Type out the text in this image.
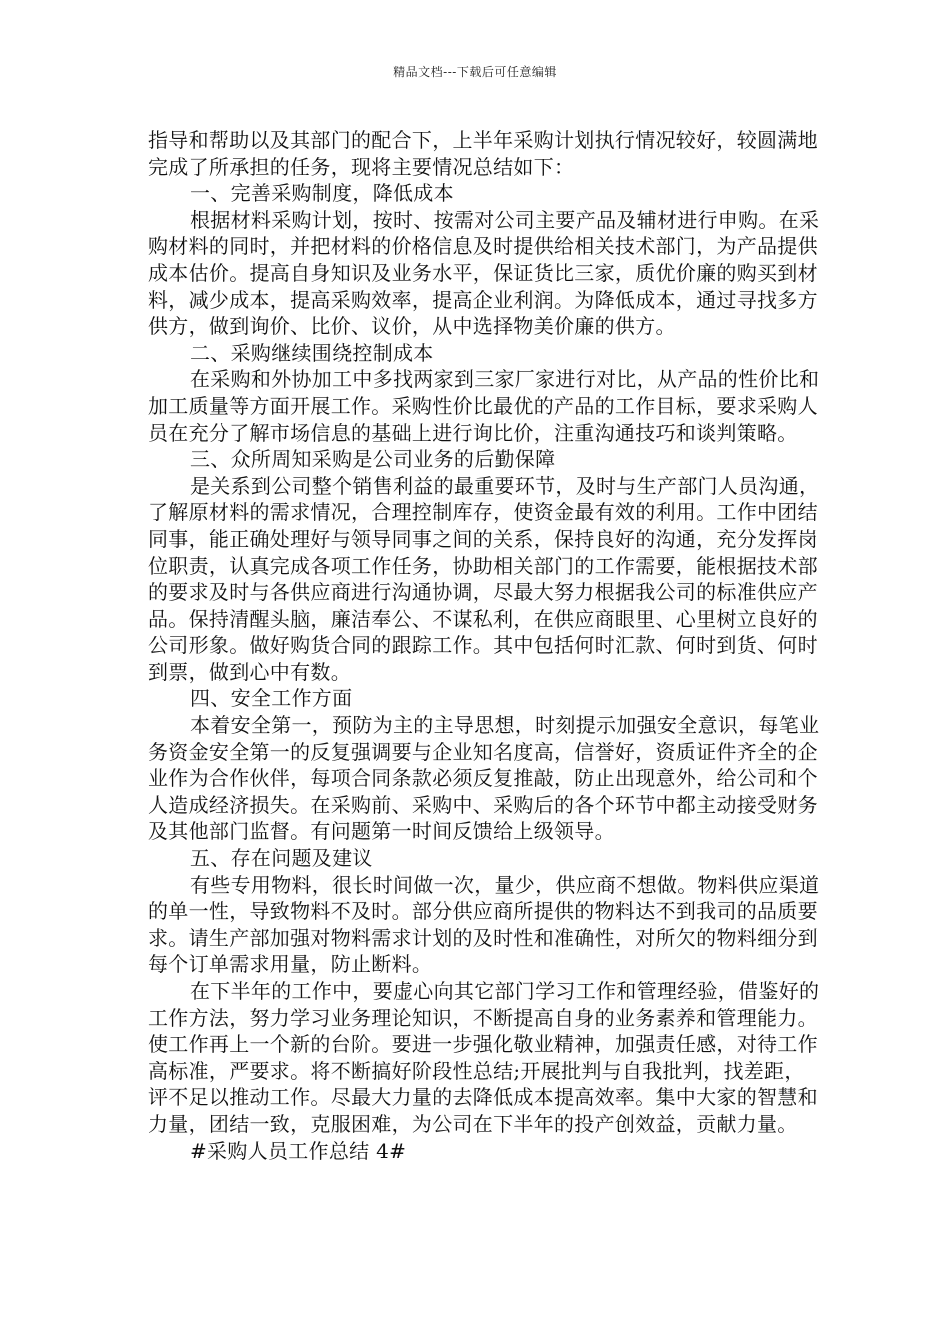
精品文档---下载后可任意编辑

指导和帮助以及其部门的配合下，上半年采购计划执行情况较好，较圆满地完成了所承担的任务，现将主要情况总结如下：

一、完善采购制度，降低成本

根据材料采购计划，按时、按需对公司主要产品及辅材进行申购。在采购材料的同时，并把材料的价格信息及时提供给相关技术部门，为产品提供成本估价。提高自身知识及业务水平，保证货比三家，质优价廉的购买到材料，减少成本，提高采购效率，提高企业利润。为降低成本，通过寻找多方供方，做到询价、比价、议价，从中选择物美价廉的供方。

二、采购继续围绕控制成本

在采购和外协加工中多找两家到三家厂家进行对比，从产品的性价比和加工质量等方面开展工作。采购性价比最优的产品的工作目标，要求采购人员在充分了解市场信息的基础上进行询比价，注重沟通技巧和谈判策略。

三、众所周知采购是公司业务的后勤保障

是关系到公司整个销售利益的最重要环节，及时与生产部门人员沟通，了解原材料的需求情况，合理控制库存，使资金最有效的利用。工作中团结同事，能正确处理好与领导同事之间的关系，保持良好的沟通，充分发挥岗位职责，认真完成各项工作任务，协助相关部门的工作需要，能根据技术部的要求及时与各供应商进行沟通协调，尽最大努力根据我公司的标准供应产品。保持清醒头脑，廉洁奉公、不谋私利，在供应商眼里、心里树立良好的公司形象。做好购货合同的跟踪工作。其中包括何时汇款、何时到货、何时到票，做到心中有数。

四、安全工作方面

本着安全第一，预防为主的主导思想，时刻提示加强安全意识，每笔业务资金安全第一的反复强调要与企业知名度高，信誉好，资质证件齐全的企业作为合作伙伴，每项合同条款必须反复推敲，防止出现意外，给公司和个人造成经济损失。在采购前、采购中、采购后的各个环节中都主动接受财务及其他部门监督。有问题第一时间反馈给上级领导。

五、存在问题及建议

有些专用物料，很长时间做一次，量少，供应商不想做。物料供应渠道的单一性，导致物料不及时。部分供应商所提供的物料达不到我司的品质要求。请生产部加强对物料需求计划的及时性和准确性，对所欠的物料细分到每个订单需求用量，防止断料。

在下半年的工作中，要虚心向其它部门学习工作和管理经验，借鉴好的工作方法，努力学习业务理论知识，不断提高自身的业务素养和管理能力。使工作再上一个新的台阶。要进一步强化敬业精神，加强责任感，对待工作高标准，严要求。将不断搞好阶段性总结;开展批判与自我批判，找差距，评不足以推动工作。尽最大力量的去降低成本提高效率。集中大家的智慧和力量，团结一致，克服困难，为公司在下半年的投产创效益，贡献力量。

#采购人员工作总结 4#
